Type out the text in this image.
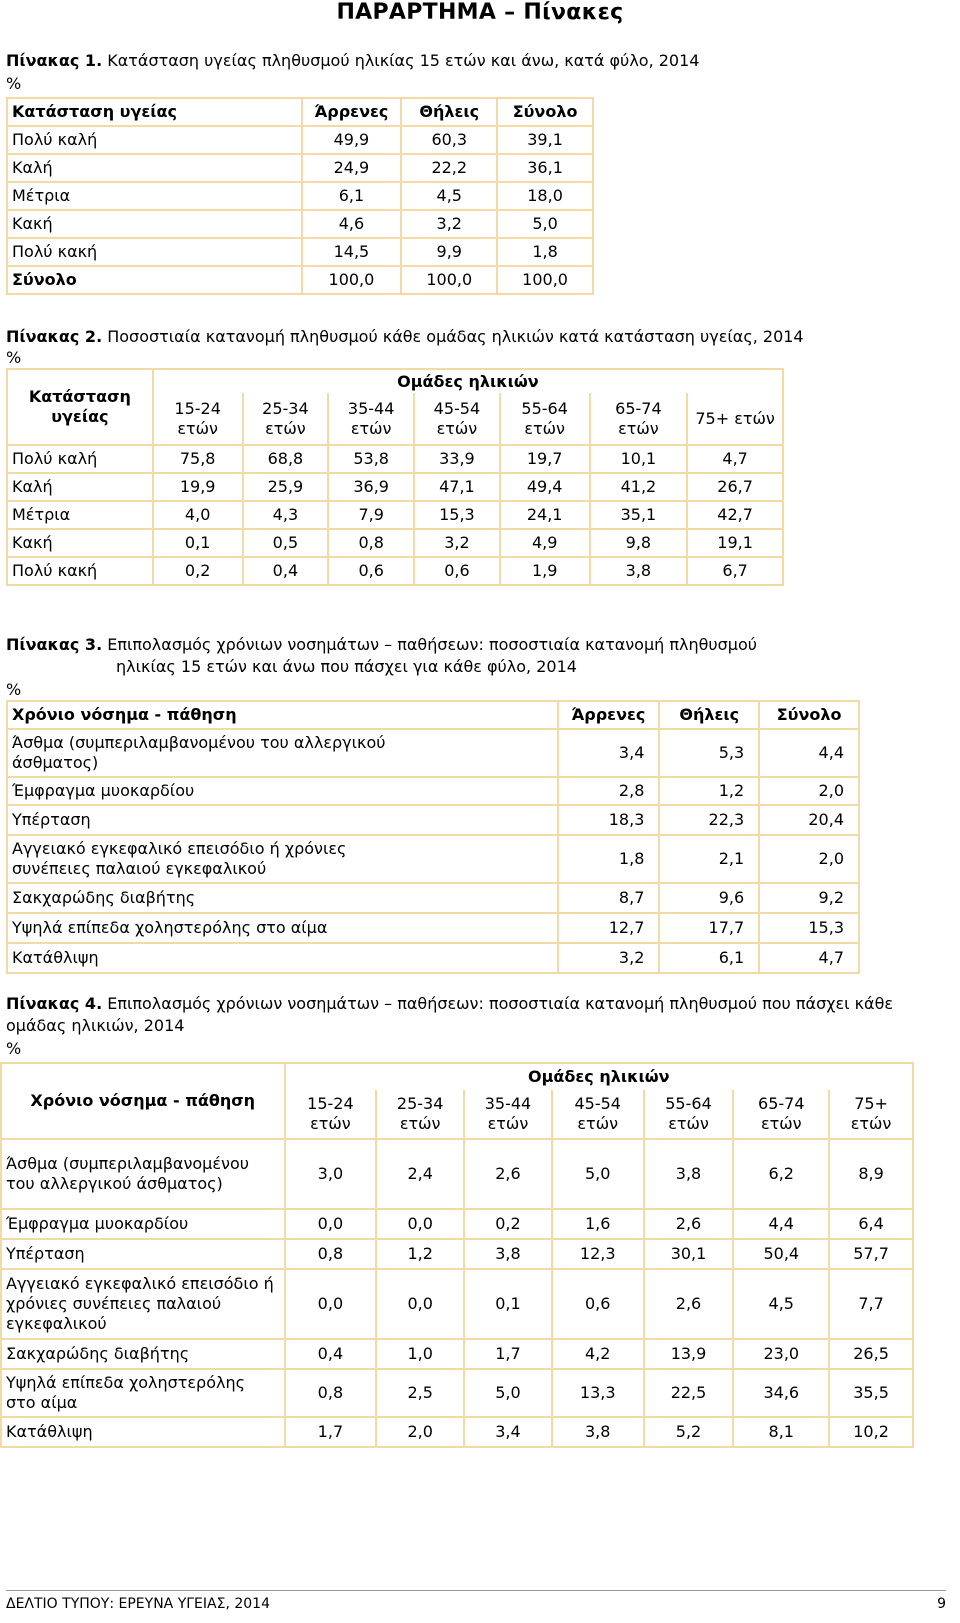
ΠΑΡΑΡΤΗΜΑ – Πίνακες
Πίνακας 1. Κατάσταση υγείας πληθυσμού ηλικίας 15 ετών και άνω, κατά φύλο, 2014
%
Κατάσταση υγείας	Άρρενες	Θήλεις	Σύνολο
Πολύ καλή	49,9	60,3	39,1
Καλή	24,9	22,2	36,1
Μέτρια	6,1	4,5	18,0
Κακή	4,6	3,2	5,0
Πολύ κακή	14,5	9,9	1,8
Σύνολο	100,0	100,0	100,0
Πίνακας 2. Ποσοστιαία κατανομή πληθυσμού κάθε ομάδας ηλικιών κατά κατάσταση υγείας, 2014
%
Κατάσταση υγείας	Ομάδες ηλικιών						
	15-24 ετών	25-34 ετών	35-44 ετών	45-54 ετών	55-64 ετών	65-74 ετών	75+ ετών
Πολύ καλή	75,8	68,8	53,8	33,9	19,7	10,1	4,7
Καλή	19,9	25,9	36,9	47,1	49,4	41,2	26,7
Μέτρια	4,0	4,3	7,9	15,3	24,1	35,1	42,7
Κακή	0,1	0,5	0,8	3,2	4,9	9,8	19,1
Πολύ κακή	0,2	0,4	0,6	0,6	1,9	3,8	6,7
Πίνακας 3. Επιπολασμός χρόνιων νοσημάτων – παθήσεων: ποσοστιαία κατανομή πληθυσμού
ηλικίας 15 ετών και άνω που πάσχει για κάθε φύλο, 2014
%
Χρόνιο νόσημα - πάθηση	Άρρενες	Θήλεις	Σύνολο
Άσθμα (συμπεριλαμβανομένου του αλλεργικού άσθματος)	3,4	5,3	4,4
Έμφραγμα μυοκαρδίου	2,8	1,2	2,0
Υπέρταση	18,3	22,3	20,4
Αγγειακό εγκεφαλικό επεισόδιο ή χρόνιες συνέπειες παλαιού εγκεφαλικού	1,8	2,1	2,0
Σακχαρώδης διαβήτης	8,7	9,6	9,2
Υψηλά επίπεδα χοληστερόλης στο αίμα	12,7	17,7	15,3
Κατάθλιψη	3,2	6,1	4,7
Πίνακας 4. Επιπολασμός χρόνιων νοσημάτων – παθήσεων: ποσοστιαία κατανομή πληθυσμού που πάσχει κάθε ομάδας ηλικιών, 2014
%
Χρόνιο νόσημα - πάθηση	Ομάδες ηλικιών						
	15-24 ετών	25-34 ετών	35-44 ετών	45-54 ετών	55-64 ετών	65-74 ετών	75+ ετών
Άσθμα (συμπεριλαμβανομένου του αλλεργικού άσθματος)	3,0	2,4	2,6	5,0	3,8	6,2	8,9
Έμφραγμα μυοκαρδίου	0,0	0,0	0,2	1,6	2,6	4,4	6,4
Υπέρταση	0,8	1,2	3,8	12,3	30,1	50,4	57,7
Αγγειακό εγκεφαλικό επεισόδιο ή χρόνιες συνέπειες παλαιού εγκεφαλικού	0,0	0,0	0,1	0,6	2,6	4,5	7,7
Σακχαρώδης διαβήτης	0,4	1,0	1,7	4,2	13,9	23,0	26,5
Υψηλά επίπεδα χοληστερόλης στο αίμα	0,8	2,5	5,0	13,3	22,5	34,6	35,5
Κατάθλιψη	1,7	2,0	3,4	3,8	5,2	8,1	10,2
ΔΕΛΤΙΟ ΤΥΠΟΥ: ΕΡΕΥΝΑ ΥΓΕΙΑΣ, 2014	9
